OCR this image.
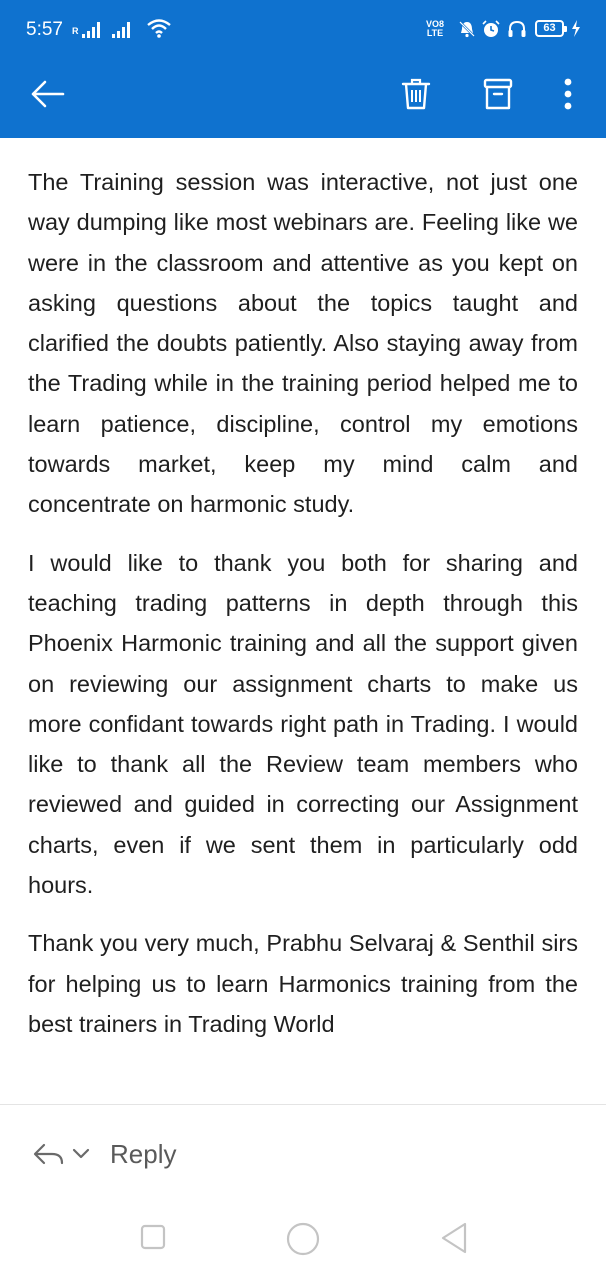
5:57 R
VO8
LTE	63

The Training session was interactive, not just one way dumping like most webinars are. Feeling like we were in the classroom and attentive as you kept on asking questions about the topics taught and clarified the doubts patiently. Also staying away from the Trading while in the training period helped me to learn patience, discipline, control my emotions towards market, keep my mind calm and concentrate on harmonic study.

I would like to thank you both for sharing and teaching trading patterns in depth through this Phoenix Harmonic training and all the support given on reviewing our assignment charts to make us more confidant towards right path in Trading. I would like to thank all the Review team members who reviewed and guided in correcting our Assignment charts, even if we sent them in particularly odd hours.

Thank you very much, Prabhu Selvaraj & Senthil sirs for helping us to learn Harmonics training from the best trainers in Trading World

Reply
